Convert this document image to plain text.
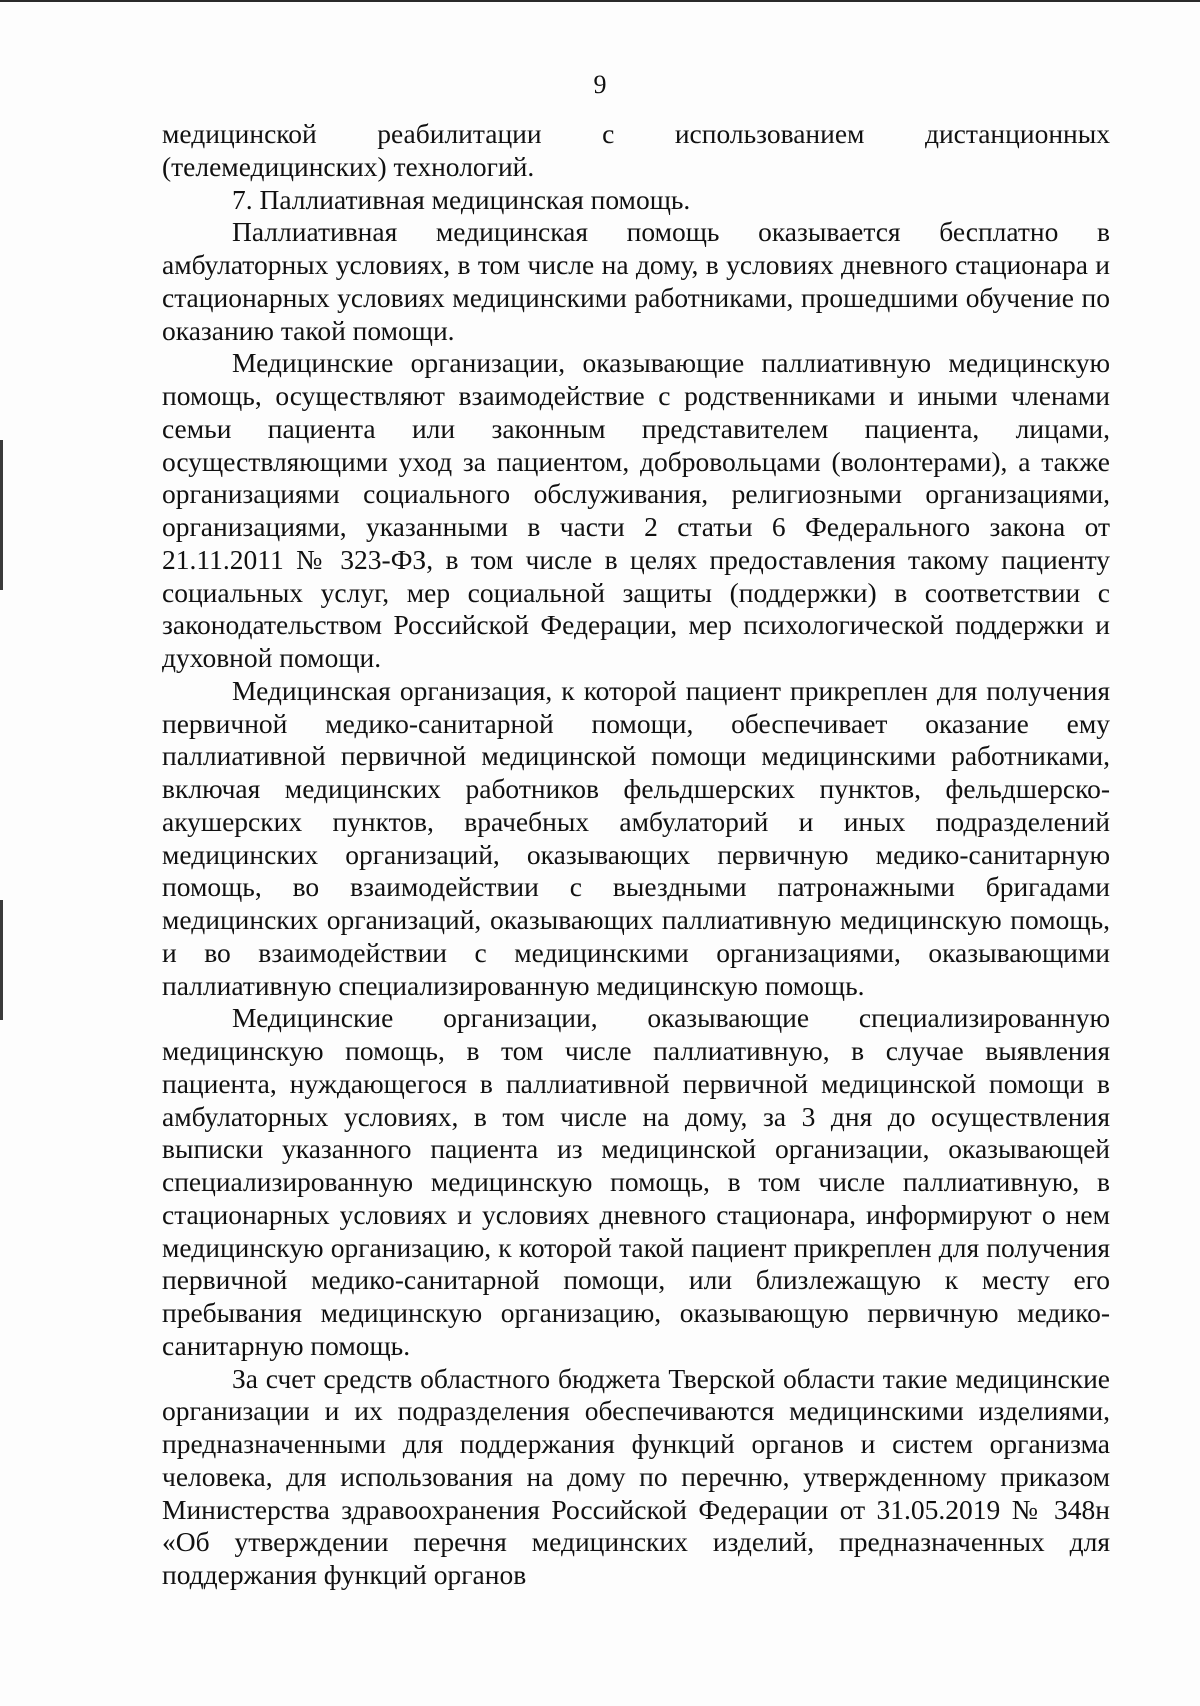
9

медицинской реабилитации с использованием дистанционных (телемедицинских) технологий.

7. Паллиативная медицинская помощь.

Паллиативная медицинская помощь оказывается бесплатно в амбулаторных условиях, в том числе на дому, в условиях дневного стационара и стационарных условиях медицинскими работниками, прошедшими обучение по оказанию такой помощи.

Медицинские организации, оказывающие паллиативную медицинскую помощь, осуществляют взаимодействие с родственниками и иными членами семьи пациента или законным представителем пациента, лицами, осуществляющими уход за пациентом, добровольцами (волонтерами), а также организациями социального обслуживания, религиозными организациями, организациями, указанными в части 2 статьи 6 Федерального закона от 21.11.2011 № 323-ФЗ, в том числе в целях предоставления такому пациенту социальных услуг, мер социальной защиты (поддержки) в соответствии с законодательством Российской Федерации, мер психологической поддержки и духовной помощи.

Медицинская организация, к которой пациент прикреплен для получения первичной медико-санитарной помощи, обеспечивает оказание ему паллиативной первичной медицинской помощи медицинскими работниками, включая медицинских работников фельдшерских пунктов, фельдшерско-акушерских пунктов, врачебных амбулаторий и иных подразделений медицинских организаций, оказывающих первичную медико-санитарную помощь, во взаимодействии с выездными патронажными бригадами медицинских организаций, оказывающих паллиативную медицинскую помощь, и во взаимодействии с медицинскими организациями, оказывающими паллиативную специализированную медицинскую помощь.

Медицинские организации, оказывающие специализированную медицинскую помощь, в том числе паллиативную, в случае выявления пациента, нуждающегося в паллиативной первичной медицинской помощи в амбулаторных условиях, в том числе на дому, за 3 дня до осуществления выписки указанного пациента из медицинской организации, оказывающей специализированную медицинскую помощь, в том числе паллиативную, в стационарных условиях и условиях дневного стационара, информируют о нем медицинскую организацию, к которой такой пациент прикреплен для получения первичной медико-санитарной помощи, или близлежащую к месту его пребывания медицинскую организацию, оказывающую первичную медико-санитарную помощь.

За счет средств областного бюджета Тверской области такие медицинские организации и их подразделения обеспечиваются медицинскими изделиями, предназначенными для поддержания функций органов и систем организма человека, для использования на дому по перечню, утвержденному приказом Министерства здравоохранения Российской Федерации от 31.05.2019 № 348н «Об утверждении перечня медицинских изделий, предназначенных для поддержания функций органов
